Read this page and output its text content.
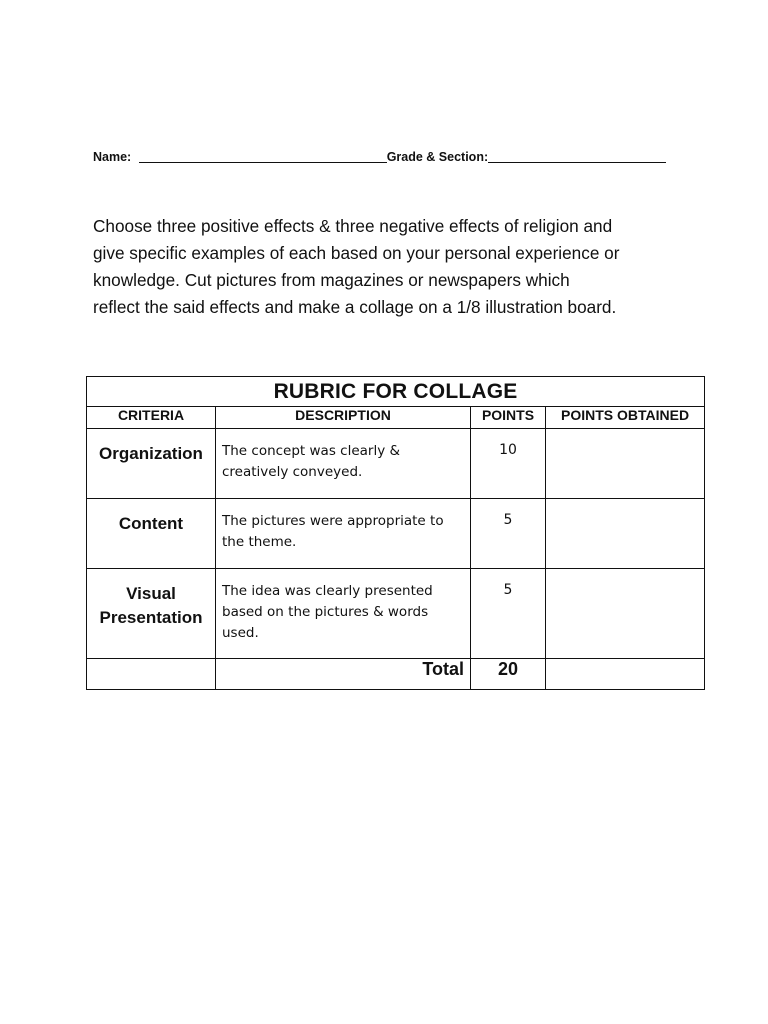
Name:	Grade & Section:

Choose three positive effects & three negative effects of religion and

give specific examples of each based on your personal experience or

knowledge. Cut pictures from magazines or newspapers which

reflect the said effects and make a collage on a 1/8 illustration board.

RUBRIC FOR COLLAGE			
CRITERIA	DESCRIPTION	POINTS	POINTS OBTAINED
Organization	The concept was clearly & creatively conveyed.	10	
Content	The pictures were appropriate to the theme.	5	
Visual Presentation	The idea was clearly presented based on the pictures & words used.	5	
	Total	20	
